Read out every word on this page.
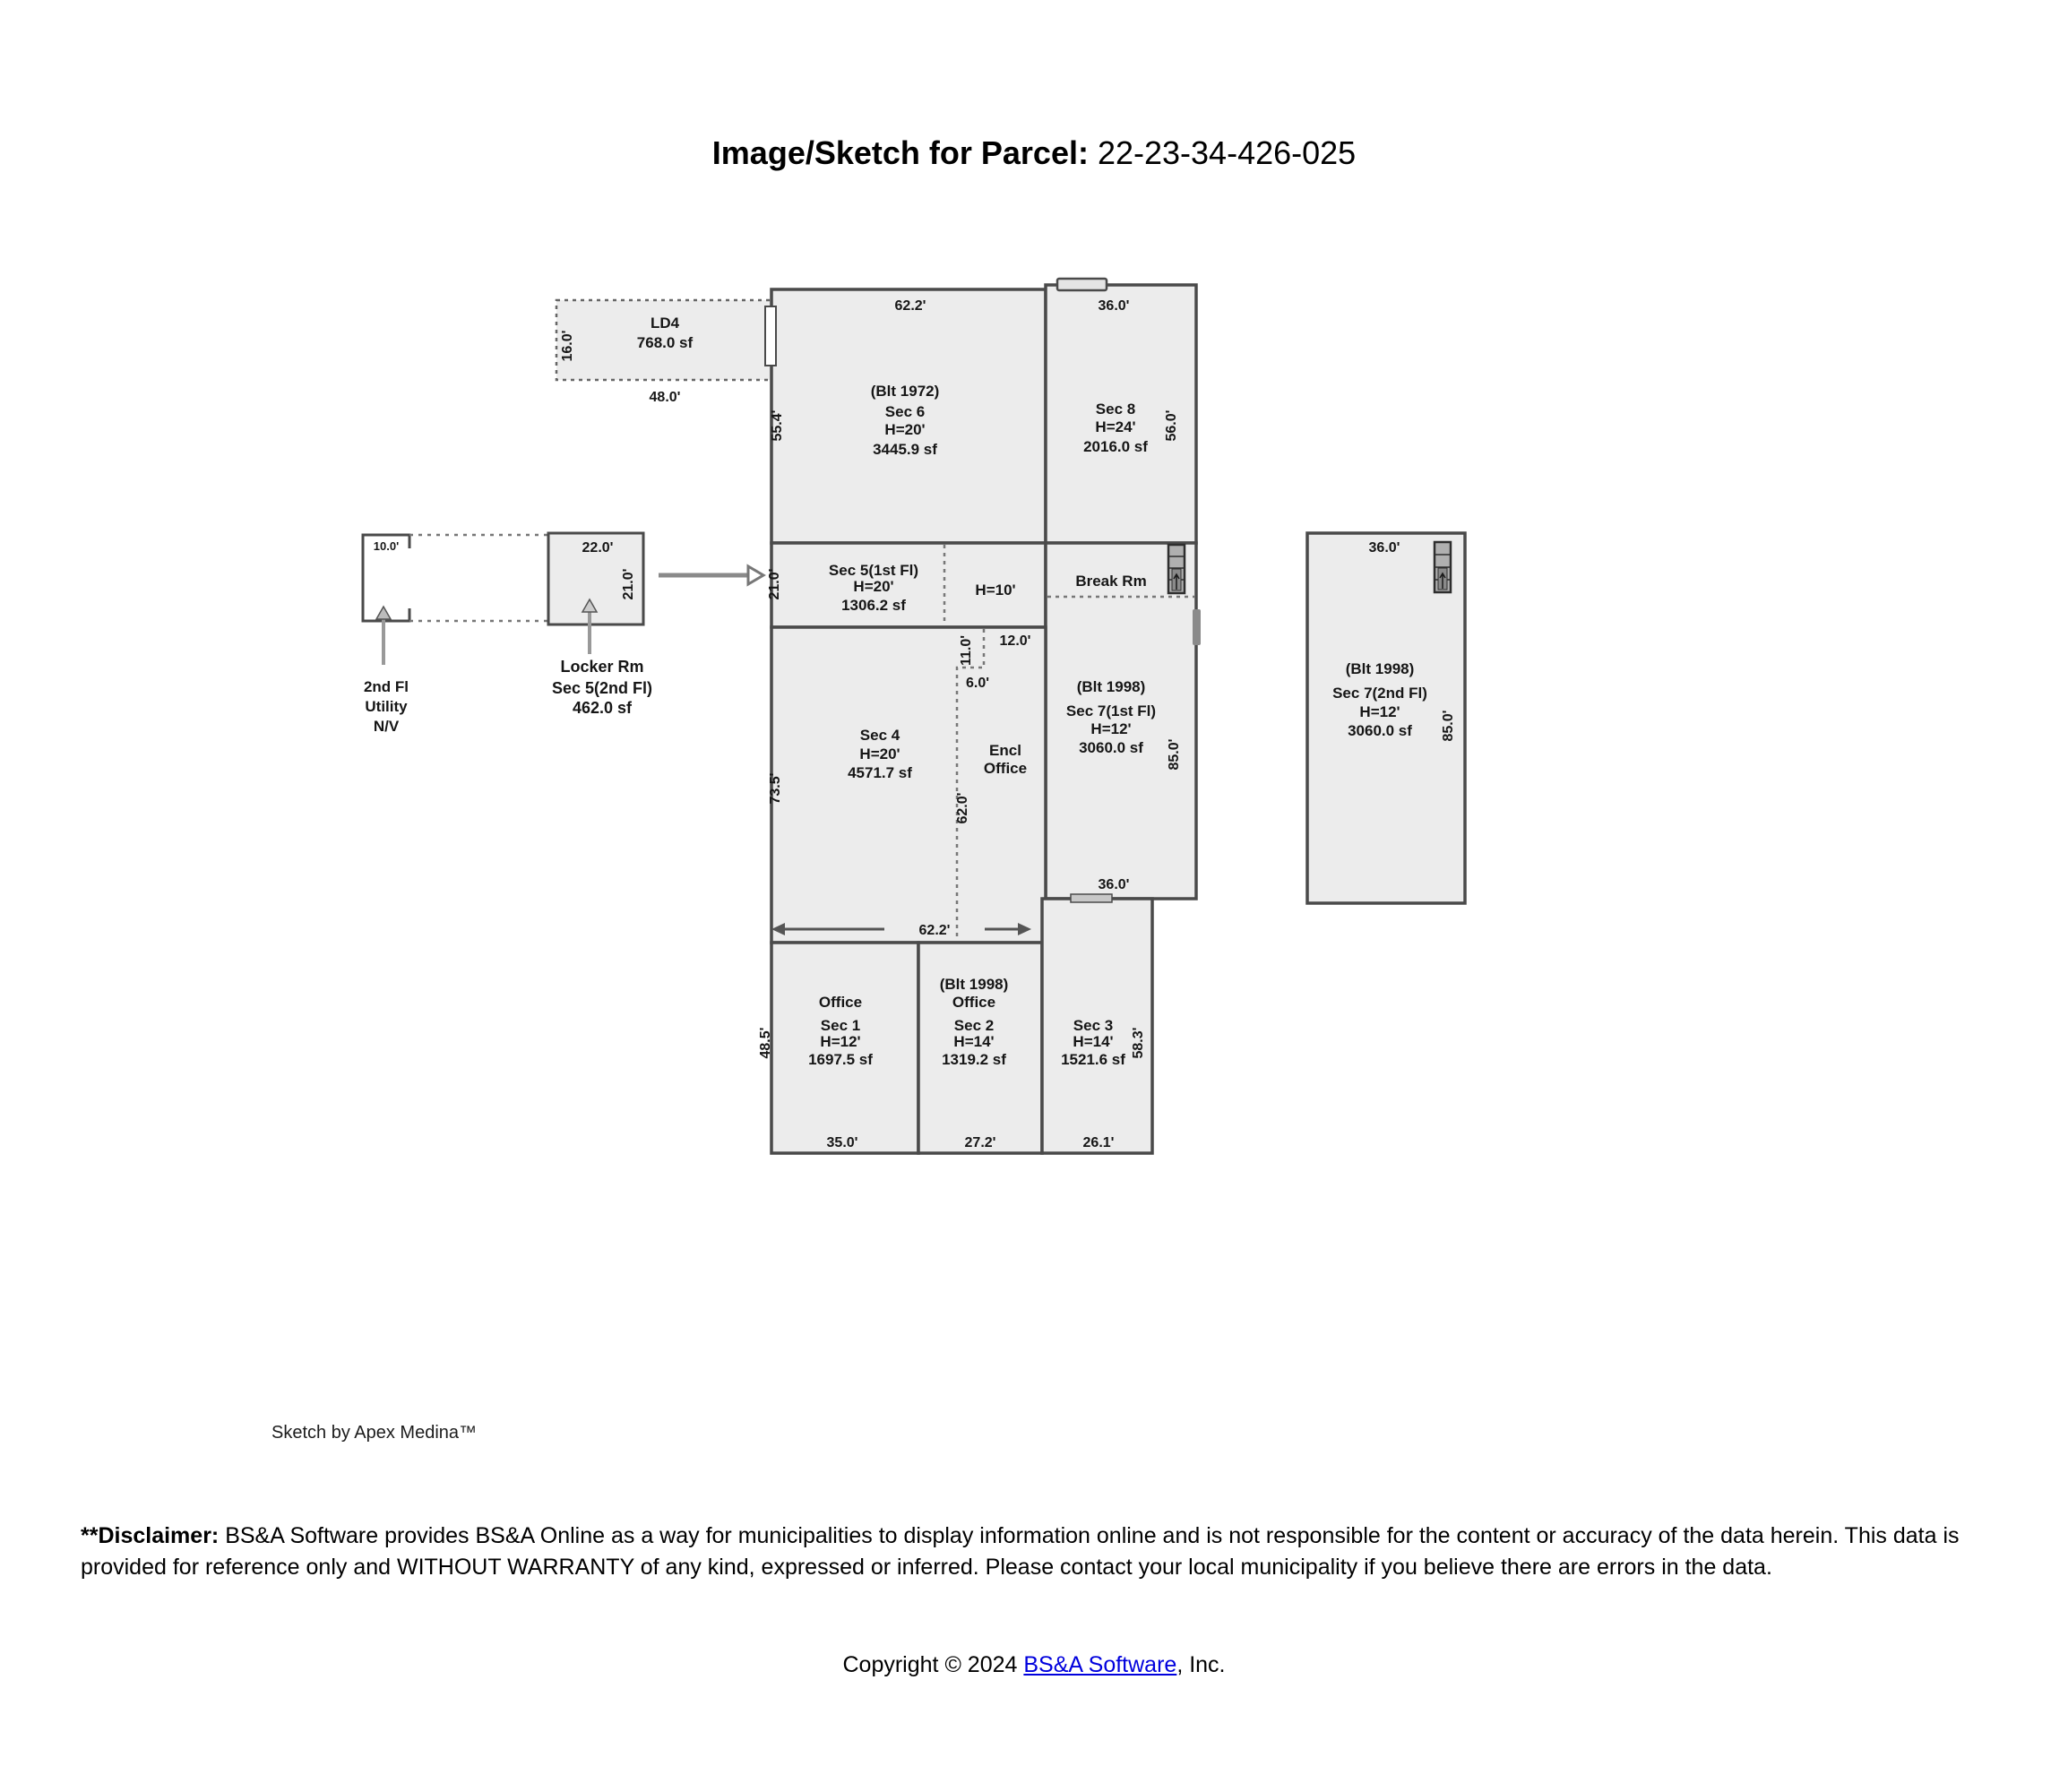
Image/Sketch for Parcel: 22-23-34-426-025
16.0'
LD4
768.0 sf
48.0'
10.0'	22.0'
21.0'
2nd Fl
Utility
N/V
Locker Rm
Sec 5(2nd Fl)
462.0 sf
62.2'
55.4'
(Blt 1972)
Sec 6
H=20'
3445.9 sf
36.0'
Sec 8
H=24'
2016.0 sf
56.0'
21.0'	Sec 5(1st Fl)
H=20'
1306.2 sf
H=10'
Break Rm
11.0' 12.0'
6.0'
Encl
Office
62.0'
(Blt 1998)
Sec 7(1st Fl)
H=12'
3060.0 sf 85.0'
36.0'
73.5'
Sec 4
H=20'
4571.7 sf
62.2'
48.5'
Office
Sec 1
H=12'
1697.5 sf
35.0'
(Blt 1998)
Office
Sec 2
H=14'
1319.2 sf
27.2'
Sec 3
H=14'
1521.6 sf
58.3'
26.1'
36.0'
(Blt 1998)
Sec 7(2nd Fl)
H=12'
3060.0 sf 85.0'
Sketch by Apex Medina™
**Disclaimer: BS&A Software provides BS&A Online as a way for municipalities to display information online and is not responsible for the content or accuracy of the data herein. This data is provided for reference only and WITHOUT WARRANTY of any kind, expressed or inferred. Please contact your local municipality if you believe there are errors in the data.
Copyright © 2024 BS&A Software, Inc.
